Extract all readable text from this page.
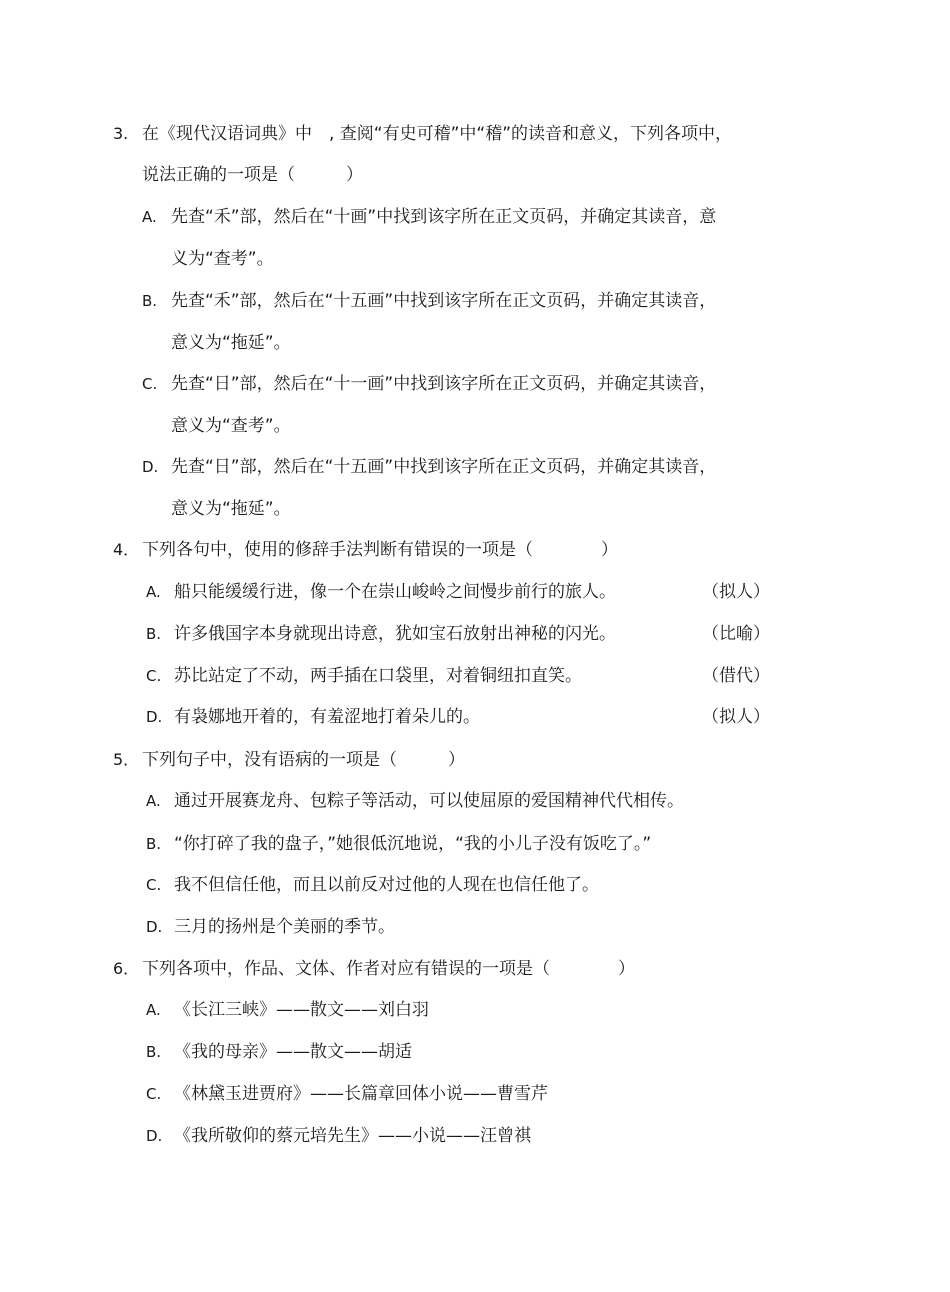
3. 在《现代汉语词典》中　, 查阅“有史可稽”中“稽”的读音和意义，下列各项中，
说法正确的一项是（　　　）
A. 先查“禾”部，然后在“十画”中找到该字所在正文页码，并确定其读音，意
义为“查考”。
B. 先查“禾”部，然后在“十五画”中找到该字所在正文页码，并确定其读音，
意义为“拖延”。
C. 先查“日”部，然后在“十一画”中找到该字所在正文页码，并确定其读音，
意义为“查考”。
D. 先查“日”部，然后在“十五画”中找到该字所在正文页码，并确定其读音，
意义为“拖延”。
4． 下列各句中，使用的修辞手法判断有错误的一项是（　　　　）
A. 船只能缓缓行进，像一个在崇山峻岭之间慢步前行的旅人。	（拟人）
B. 许多俄国字本身就现出诗意，犹如宝石放射出神秘的闪光。	（比喻）
C. 苏比站定了不动，两手插在口袋里，对着铜纽扣直笑。	（借代）
D. 有袅娜地开着的，有羞涩地打着朵儿的。	（拟人）
5． 下列句子中，没有语病的一项是（　　　）
A. 通过开展赛龙舟、包粽子等活动，可以使屈原的爱国精神代代相传。
B. “你打碎了我的盘子，”她很低沉地说，“我的小儿子没有饭吃了。”
C. 我不但信任他，而且以前反对过他的人现在也信任他了。
D. 三月的扬州是个美丽的季节。
6． 下列各项中，作品、文体、作者对应有错误的一项是（　　　　）
A. 《长江三峡》——散文——刘白羽
B. 《我的母亲》——散文——胡适
C. 《林黛玉进贾府》——长篇章回体小说——曹雪芹
D. 《我所敬仰的蔡元培先生》——小说——汪曾祺
